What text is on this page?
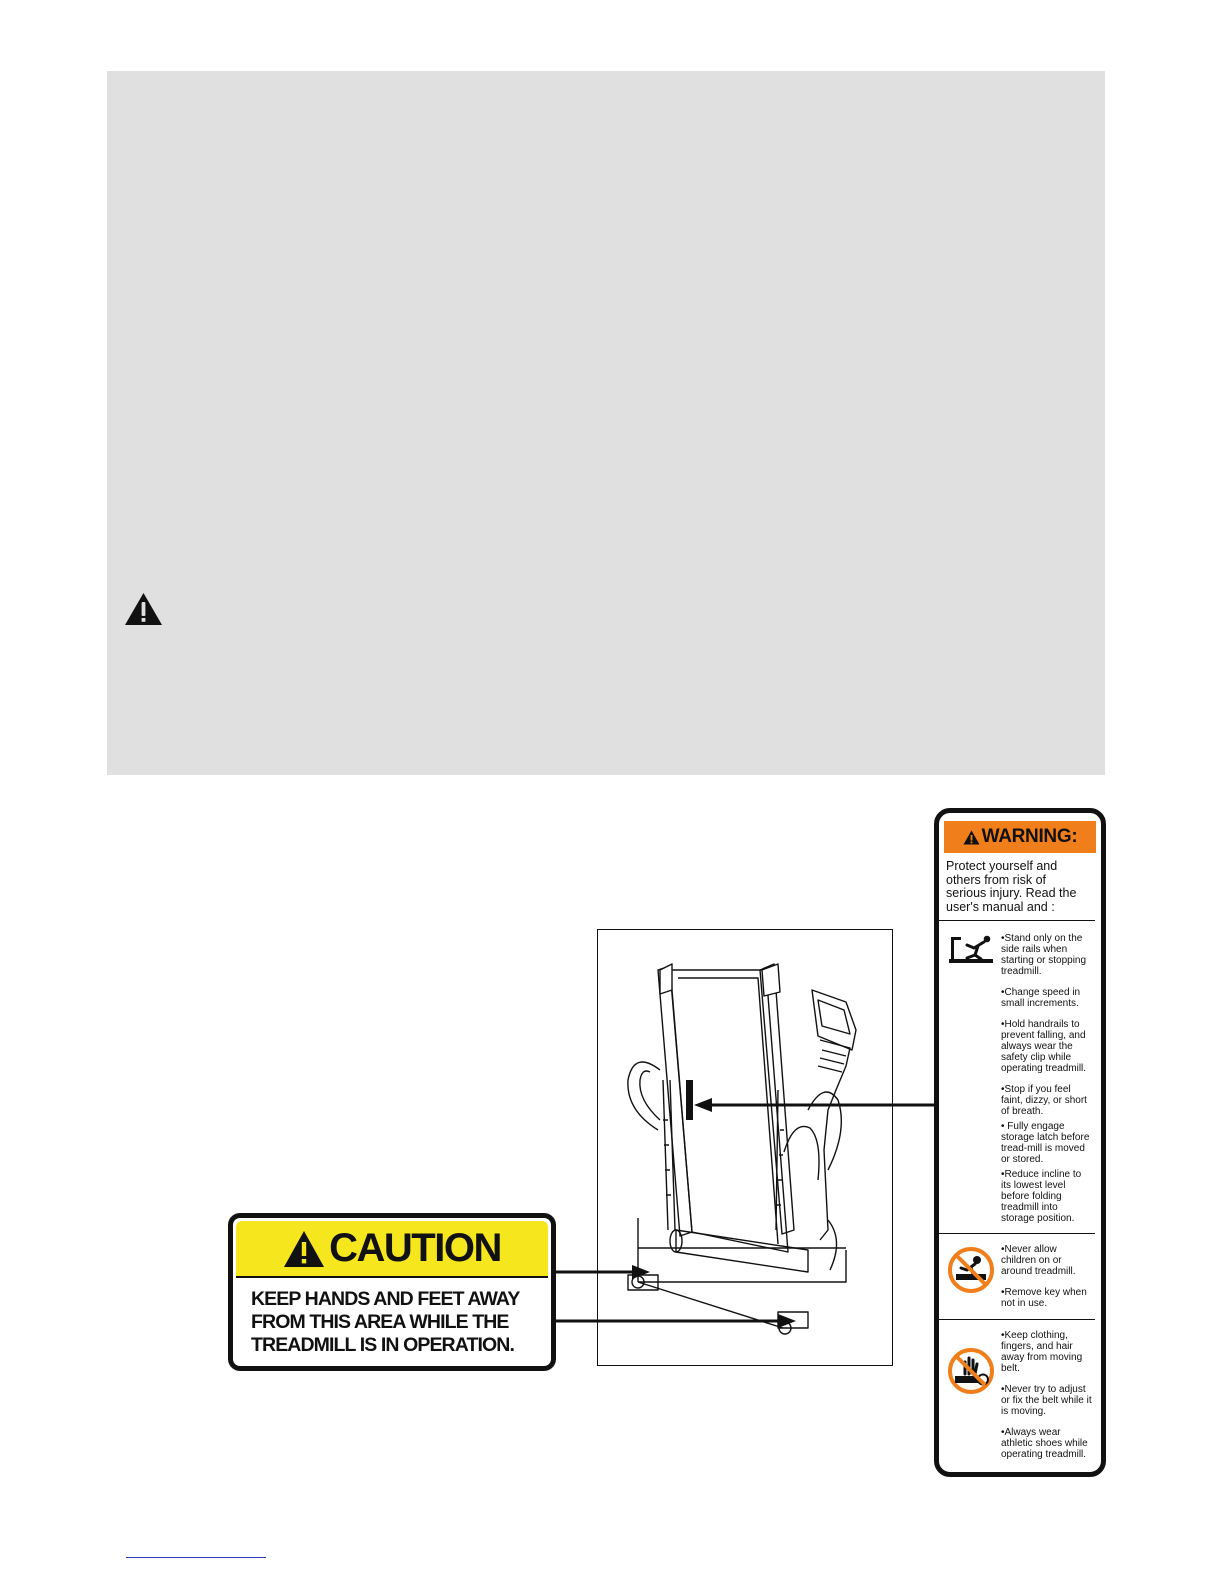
WARNING:
Protect yourself and others from risk of serious injury. Read the user's manual and :
•Stand only on the side rails when starting or stopping treadmill.
•Change speed in small increments.
•Hold handrails to prevent falling, and always wear the safety clip while operating treadmill.
•Stop if you feel faint, dizzy, or short of breath.
• Fully engage storage latch before tread-mill is moved or stored.
•Reduce incline to its lowest level before folding treadmill into storage position.
•Never allow children on or around treadmill.
•Remove key when not in use.
•Keep clothing, fingers, and hair away from moving belt.
•Never try to adjust or fix the belt while it is moving.
•Always wear athletic shoes while operating treadmill.
CAUTION
KEEP HANDS AND FEET AWAY
FROM THIS AREA WHILE THE
TREADMILL IS IN OPERATION.
